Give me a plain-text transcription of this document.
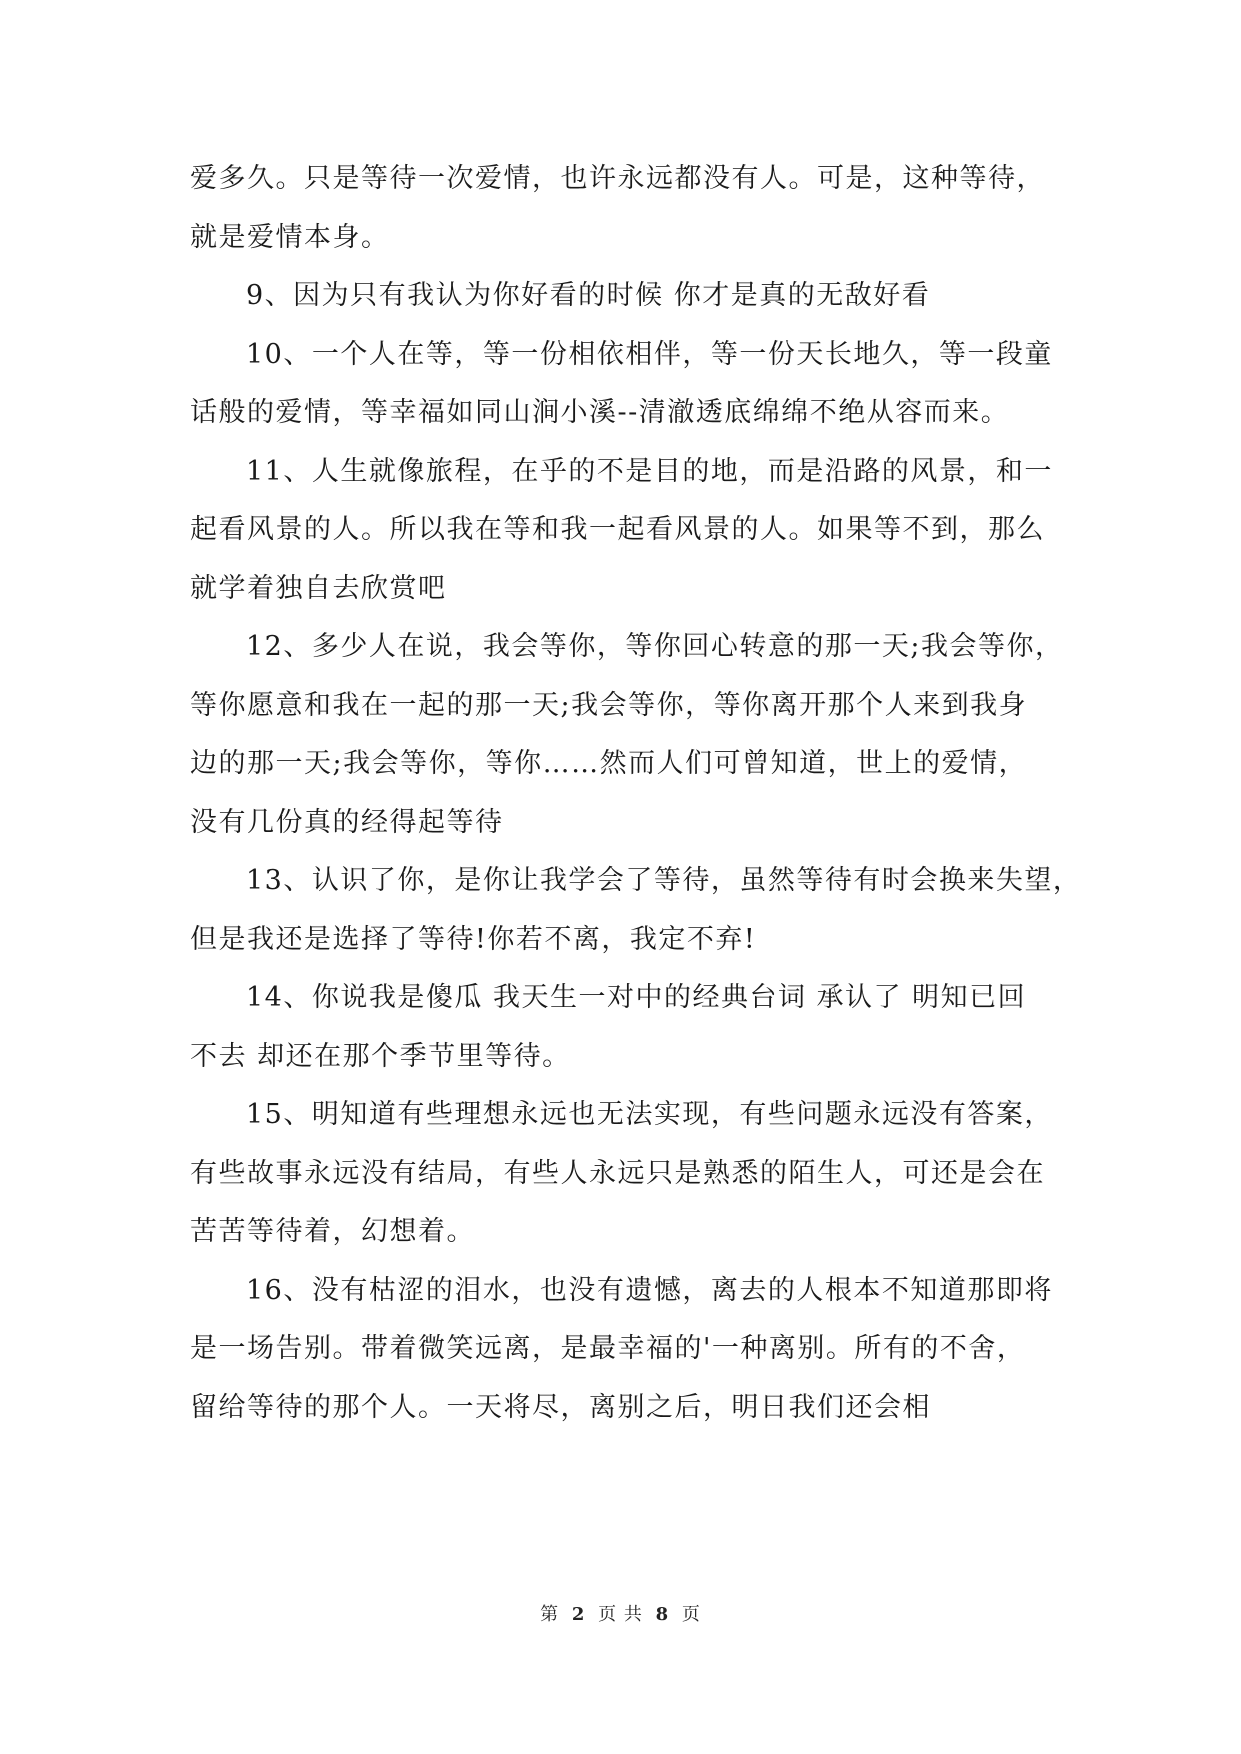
爱多久。只是等待一次爱情，也许永远都没有人。可是，这种等待，
就是爱情本身。
9、因为只有我认为你好看的时候 你才是真的无敌好看
10、一个人在等，等一份相依相伴，等一份天长地久，等一段童
话般的爱情，等幸福如同山涧小溪--清澈透底绵绵不绝从容而来。
11、人生就像旅程，在乎的不是目的地，而是沿路的风景，和一
起看风景的人。所以我在等和我一起看风景的人。如果等不到，那么
就学着独自去欣赏吧
12、多少人在说，我会等你，等你回心转意的那一天;我会等你，
等你愿意和我在一起的那一天;我会等你，等你离开那个人来到我身
边的那一天;我会等你，等你……然而人们可曾知道，世上的爱情，
没有几份真的经得起等待
13、认识了你，是你让我学会了等待，虽然等待有时会换来失望，
但是我还是选择了等待!你若不离，我定不弃!
14、你说我是傻瓜 我天生一对中的经典台词 承认了 明知已回
不去 却还在那个季节里等待。
15、明知道有些理想永远也无法实现，有些问题永远没有答案，
有些故事永远没有结局，有些人永远只是熟悉的陌生人，可还是会在
苦苦等待着，幻想着。
16、没有枯涩的泪水，也没有遗憾，离去的人根本不知道那即将
是一场告别。带着微笑远离，是最幸福的'一种离别。所有的不舍，
留给等待的那个人。一天将尽，离别之后，明日我们还会相
第 2 页 共 8 页
